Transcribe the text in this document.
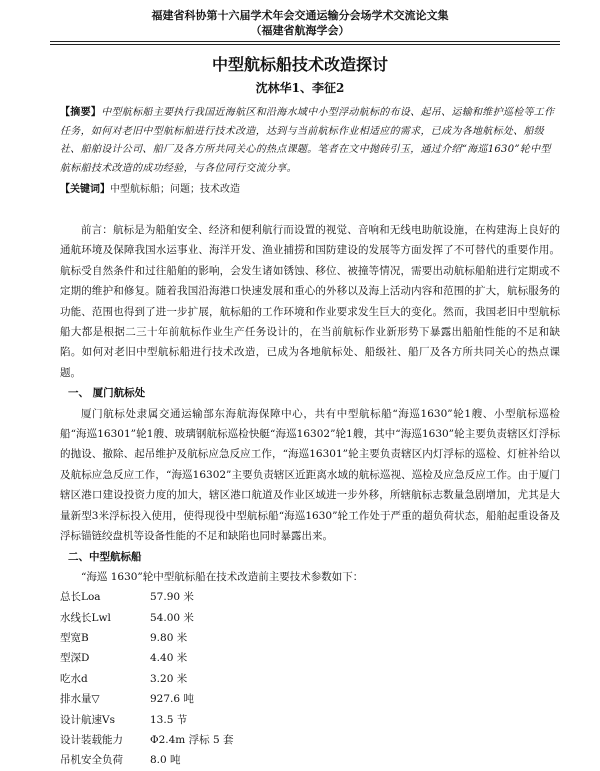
福建省科协第十六届学术年会交通运输分会场学术交流论文集
（福建省航海学会）
中型航标船技术改造探讨
沈林华1、李征2
【摘要】中型航标船主要执行我国近海航区和沿海水域中小型浮动航标的布设、起吊、运输和维护巡检等工作任务，如何对老旧中型航标船进行技术改造，达到与当前航标作业相适应的需求，已成为各地航标处、船级社、船舶设计公司、船厂及各方所共同关心的热点课题。笔者在文中抛砖引玉，通过介绍“海巡1630”轮中型航标船技术改造的成功经验，与各位同行交流分享。
【关键词】中型航标船；问题；技术改造

前言：航标是为船舶安全、经济和便利航行而设置的视觉、音响和无线电助航设施，在构建海上良好的通航环境及保障我国水运事业、海洋开发、渔业捕捞和国防建设的发展等方面发挥了不可替代的重要作用。航标受自然条件和过往船舶的影响，会发生诸如锈蚀、移位、被撞等情况，需要出动航标船舶进行定期或不定期的维护和修复。随着我国沿海港口快速发展和重心的外移以及海上活动内容和范围的扩大，航标服务的功能、范围也得到了进一步扩展，航标船的工作环境和作业要求发生巨大的变化。然而，我国老旧中型航标船大都是根据二三十年前航标作业生产任务设计的，在当前航标作业新形势下暴露出船舶性能的不足和缺陷。如何对老旧中型航标船进行技术改造，已成为各地航标处、船级社、船厂及各方所共同关心的热点课题。

一、 厦门航标处

厦门航标处隶属交通运输部东海航海保障中心，共有中型航标船“海巡1630”轮1艘、小型航标巡检船“海巡16301”轮1艘、玻璃钢航标巡检快艇“海巡16302”轮1艘，其中“海巡1630”轮主要负责辖区灯浮标的抛设、撤除、起吊维护及航标应急反应工作，“海巡16301”轮主要负责辖区内灯浮标的巡检、灯桩补给以及航标应急反应工作，“海巡16302”主要负责辖区近距离水域的航标巡视、巡检及应急反应工作。由于厦门辖区港口建设投资力度的加大，辖区港口航道及作业区域进一步外移，所辖航标志数量急剧增加，尤其是大量新型3米浮标投入使用，使得现役中型航标船“海巡1630”轮工作处于严重的超负荷状态，船舶起重设备及浮标锚链绞盘机等设备性能的不足和缺陷也同时暴露出来。

二、中型航标船

“海巡 1630”轮中型航标船在技术改造前主要技术参数如下：

总长Loa	57.90 米
水线长Lwl	54.00 米
型宽B	9.80 米
型深D	4.40 米
吃水d	3.20 米
排水量▽	927.6 吨
设计航速Vs	13.5 节
设计装载能力	Φ2.4m 浮标 5 套
吊机安全负荷	8.0 吨
